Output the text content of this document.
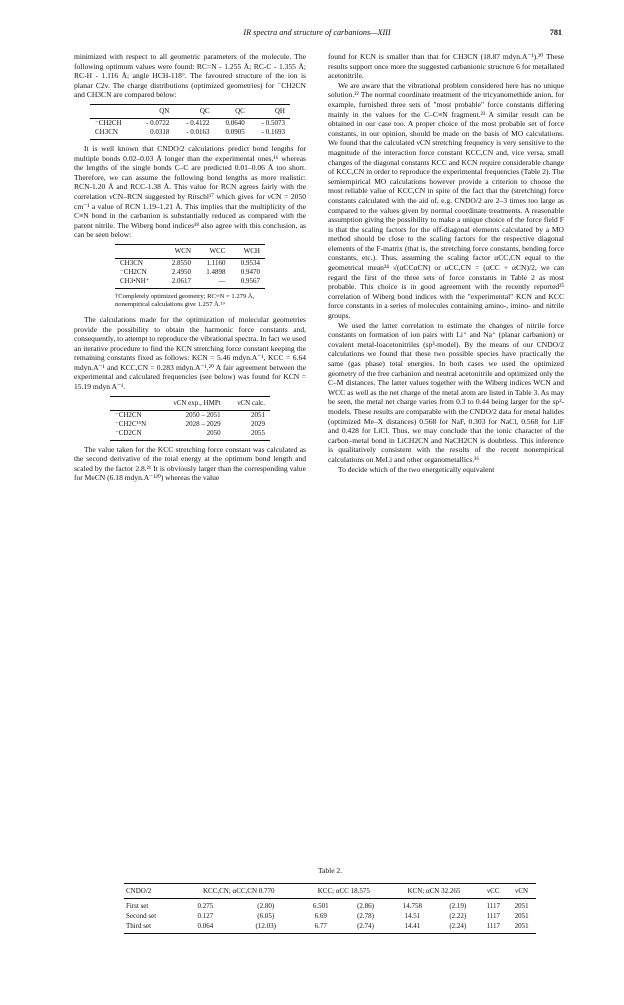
IR spectra and structure of carbanions—XIII	781

minimized with respect to all geometric parameters of the molecule. The following optimum values were found: RC=N - 1.255 Å; RC-C - 1.355 Å; RC-H - 1.116 Å; angle HCH-118°. The favoured structure of the ion is planar C2v. The charge distributions (optimized geometries) for ⁻CH2CN and CH3CN are compared below:

	QN	QC	QC	QH
⁻CH2CH	- 0.0722	- 0.4122	0.0640	- 0.5073
CH3CN	0.0318	- 0.0163	0.0905	- 0.1693

It is well known that CNDO/2 calculations predict bond lengths for multiple bonds 0.02–0.03 Å longer than the experimental ones,¹⁶ whereas the lengths of the single bonds C–C are predicted 0.01–0.06 Å too short. Therefore, we can assume the following bond lengths as more realistic: RCN-1.20 Å and RCC-1.38 Å. This value for RCN agrees fairly with the correlation νCN–RCN suggested by Ritschl¹⁷ which gives for νCN = 2050 cm⁻¹ a value of RCN 1.19–1.21 Å. This implies that the multiplicity of the C≡N bond in the carbanion is substantially reduced as compared with the parent nitrile. The Wiberg bond indices¹⁸ also agree with this conclusion, as can be seen below:

	WCN	WCC	WCH
CH3CN	2.8550	1.1160	0.9534
⁻CH2CN	2.4950	1.4898	0.9470
CH3•NH⁺	2.0617	—	0.9567
†Completely optimized geometry; RC=N = 1.279 Å, nonempirical calculations give 1.257 Å.¹⁹

The calculations made for the optimization of molecular geometries provide the possibility to obtain the harmonic force constants and, consequently, to attempt to reproduce the vibrational spectra. In fact we used an iterative procedure to find the KCN stretching force constant keeping the remaining constants fixed as follows: KCN = 5.46 mdyn.A⁻¹, KCC = 6.64 mdyn.A⁻¹ and KCC,CN = 0.283 mdyn.A⁻¹.²⁰ A fair agreement between the experimental and calculated frequencies (see below) was found for KCN = 15.19 mdyn A⁻¹.

	νCN exp., HMPt	νCN calc.
⁻CH2CN	2050 – 2051	2051
⁻CH2C¹⁵N	2028 – 2029	2029
⁻CD2CN	2050	2055

The value taken for the KCC stretching force constant was calculated as the second derivative of the total energy at the optimum bond length and scaled by the factor 2.8.²¹ It is obviously larger than the corresponding value for MeCN (6.18 mdyn.A⁻¹²⁰) whereas the value

found for KCN is smaller than that for CH3CN (18.87 mdyn.A⁻¹).²⁰ These results support once more the suggested carbanionic structure 6 for metallated acetonitrile.

We are aware that the vibrational problem considered here has no unique solution.²² The normal coordinate treatment of the tricyanomethide anion, for example, furnished three sets of "most probable" force constants differing mainly in the values for the C–C≡N fragment.²³ A similar result can be obtained in our case too. A proper choice of the most probable set of force constants, in our opinion, should be made on the basis of MO calculations. We found that the calculated νCN stretching frequency is very sensitive to the magnitude of the interaction force constant KCC,CN and, vice versa, small changes of the diagonal constants KCC and KCN require considerable change of KCC,CN in order to reproduce the experimental frequencies (Table 2). The semiempirical MO calculations however provide a criterion to choose the most reliable value of KCC,CN in spite of the fact that the (stretching) force constants calculated with the aid of, e.g. CNDO/2 are 2–3 times too large as compared to the values given by normal coordinate treatments. A reasonable assumption giving the possibility to make a unique choice of the force field F is that the scaling factors for the off-diagonal elements calculated by a MO method should be close to the scaling factors for the respective diagonal elements of the F-matrix (that is, the stretching force constants, bending force constants, etc.). Thus, assuming the scaling factor αCC,CN equal to the geometrical mean²⁴ √(αCCαCN) or αCC,CN = (αCC + αCN)/2, we can regard the first of the three sets of force constants in Table 2 as most probable. This choice is in good agreement with the recently reported²⁵ correlation of Wiberg bond indices with the "experimental" KCN and KCC force constants in a series of molecules containing amino-, imino- and nitrile groups.

We used the latter correlation to estimate the changes of nitrile force constants on formation of ion pairs with Li⁺ and Na⁺ (planar carbanion) or covalent metal-loacetonitriles (sp³-model). By the means of our CNDO/2 calculations we found that these two possible species have practically the same (gas phase) total energies. In both cases we used the optimized geometry of the free carbanion and neutral acetonitrile and optimized only the C–M distances. The latter values together with the Wiberg indices WCN and WCC as well as the net charge of the metal atom are listed in Table 3. As may be seen, the metal net charge varies from 0.3 to 0.44 being larger for the sp²-models. These results are comparable with the CNDO/2 data for metal halides (optimized Me–X distances) 0.568 for NaF, 0.303 for NaCl, 0.568 for LiF and 0.428 for LiCl. Thus, we may conclude that the ionic character of the carbon–metal bond in LiCH2CN and NaCH2CN is doubtless. This inference is qualitatively consistent with the results of the recent nonempirical calculations on MeLi and other organometallics.²⁶

To decide which of the two energetically equivalent

Table 2.
CNDO/2	KCC,CN; αCC,CN 0.770		KCC; αCC 18.575		KCN; αCN 32.265		νCC	νCN
First set	0.275	(2.80)	6.501	(2.86)	14.758	(2.19)	1117	2051
Second set	0.127	(6.05)	6.69	(2.78)	14.51	(2.22)	1117	2051
Third set	0.064	(12.03)	6.77	(2.74)	14.41	(2.24)	1117	2051
